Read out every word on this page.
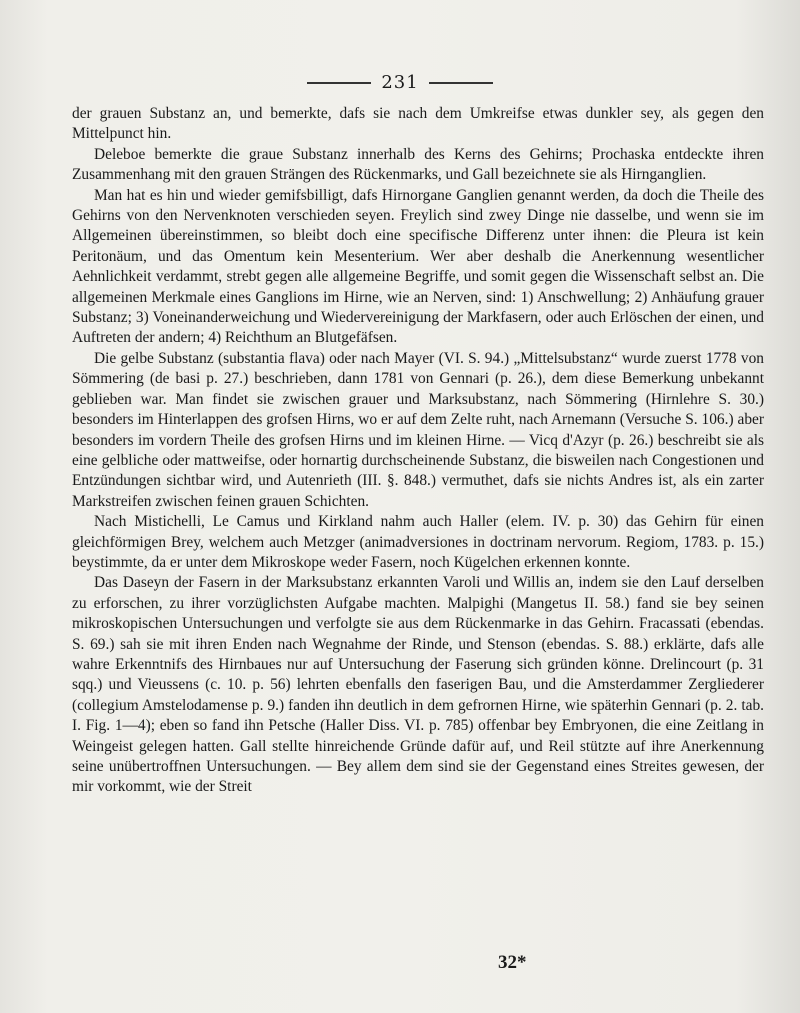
231

der grauen Substanz an, und bemerkte, dafs sie nach dem Umkreifse etwas dunkler sey, als gegen den Mittelpunct hin.

Deleboe bemerkte die graue Substanz innerhalb des Kerns des Gehirns; Prochaska entdeckte ihren Zusammenhang mit den grauen Strängen des Rückenmarks, und Gall bezeichnete sie als Hirnganglien.

Man hat es hin und wieder gemifsbilligt, dafs Hirnorgane Ganglien genannt werden, da doch die Theile des Gehirns von den Nervenknoten verschieden seyen. Freylich sind zwey Dinge nie dasselbe, und wenn sie im Allgemeinen übereinstimmen, so bleibt doch eine specifische Differenz unter ihnen: die Pleura ist kein Peritonäum, und das Omentum kein Mesenterium. Wer aber deshalb die Anerkennung wesentlicher Aehnlichkeit verdammt, strebt gegen alle allgemeine Begriffe, und somit gegen die Wissenschaft selbst an. Die allgemeinen Merkmale eines Ganglions im Hirne, wie an Nerven, sind: 1) Anschwellung; 2) Anhäufung grauer Substanz; 3) Voneinanderweichung und Wiedervereinigung der Markfasern, oder auch Erlöschen der einen, und Auftreten der andern; 4) Reichthum an Blutgefäfsen.

Die gelbe Substanz (substantia flava) oder nach Mayer (VI. S. 94.) „Mittelsubstanz“ wurde zuerst 1778 von Sömmering (de basi p. 27.) beschrieben, dann 1781 von Gennari (p. 26.), dem diese Bemerkung unbekannt geblieben war. Man findet sie zwischen grauer und Marksubstanz, nach Sömmering (Hirnlehre S. 30.) besonders im Hinterlappen des grofsen Hirns, wo er auf dem Zelte ruht, nach Arnemann (Versuche S. 106.) aber besonders im vordern Theile des grofsen Hirns und im kleinen Hirne. — Vicq d'Azyr (p. 26.) beschreibt sie als eine gelbliche oder mattweifse, oder hornartig durchscheinende Substanz, die bisweilen nach Congestionen und Entzündungen sichtbar wird, und Autenrieth (III. §. 848.) vermuthet, dafs sie nichts Andres ist, als ein zarter Markstreifen zwischen feinen grauen Schichten.

Nach Mistichelli, Le Camus und Kirkland nahm auch Haller (elem. IV. p. 30) das Gehirn für einen gleichförmigen Brey, welchem auch Metzger (animadversiones in doctrinam nervorum. Regiom, 1783. p. 15.) beystimmte, da er unter dem Mikroskope weder Fasern, noch Kügelchen erkennen konnte.

Das Daseyn der Fasern in der Marksubstanz erkannten Varoli und Willis an, indem sie den Lauf derselben zu erforschen, zu ihrer vorzüglichsten Aufgabe machten. Malpighi (Mangetus II. 58.) fand sie bey seinen mikroskopischen Untersuchungen und verfolgte sie aus dem Rückenmarke in das Gehirn. Fracassati (ebendas. S. 69.) sah sie mit ihren Enden nach Wegnahme der Rinde, und Stenson (ebendas. S. 88.) erklärte, dafs alle wahre Erkenntnifs des Hirnbaues nur auf Untersuchung der Faserung sich gründen könne. Drelincourt (p. 31 sqq.) und Vieussens (c. 10. p. 56) lehrten ebenfalls den faserigen Bau, und die Amsterdammer Zergliederer (collegium Amstelodamense p. 9.) fanden ihn deutlich in dem gefrornen Hirne, wie späterhin Gennari (p. 2. tab. I. Fig. 1—4); eben so fand ihn Petsche (Haller Diss. VI. p. 785) offenbar bey Embryonen, die eine Zeitlang in Weingeist gelegen hatten. Gall stellte hinreichende Gründe dafür auf, und Reil stützte auf ihre Anerkennung seine unübertroffnen Untersuchungen. — Bey allem dem sind sie der Gegenstand eines Streites gewesen, der mir vorkommt, wie der Streit

32*
